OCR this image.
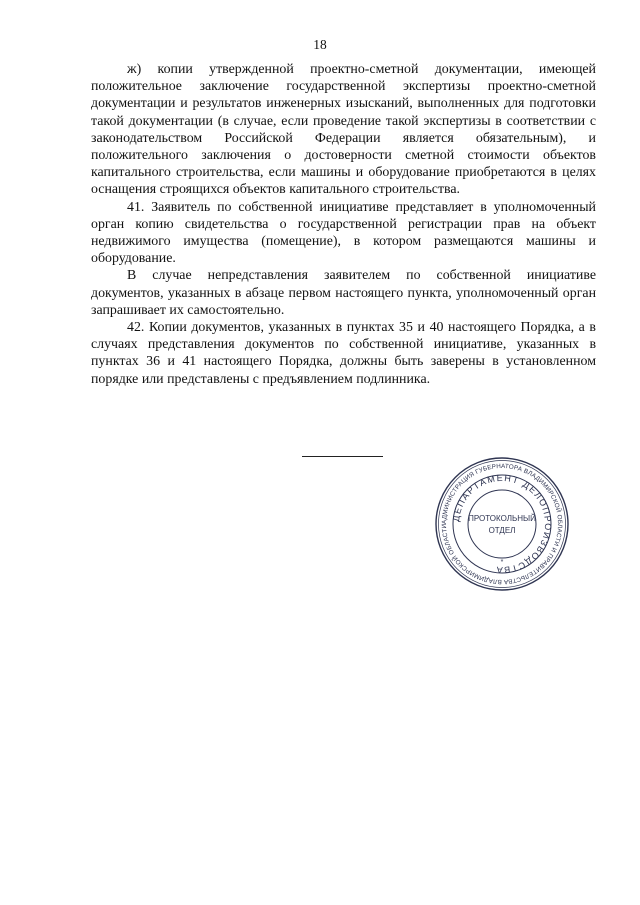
18

ж) копии утвержденной проектно-сметной документации, имеющей положительное заключение государственной экспертизы проектно-сметной документации и результатов инженерных изысканий, выполненных для подготовки такой документации (в случае, если проведение такой экспертизы в соответствии с законодательством Российской Федерации является обязательным), и положительного заключения о достоверности сметной стоимости объектов капитального строительства, если машины и оборудование приобретаются в целях оснащения строящихся объектов капитального строительства.

41. Заявитель по собственной инициативе представляет в уполномоченный орган копию свидетельства о государственной регистрации прав на объект недвижимого имущества (помещение), в котором размещаются машины и оборудование.

В случае непредставления заявителем по собственной инициативе документов, указанных в абзаце первом настоящего пункта, уполномоченный орган запрашивает их самостоятельно.

42. Копии документов, указанных в пунктах 35 и 40 настоящего Порядка, а в случаях представления документов по собственной инициативе, указанных в пунктах 36 и 41 настоящего Порядка, должны быть заверены в установленном порядке или представлены с предъявлением подлинника.

АДМИНИСТРАЦИЯ ГУБЕРНАТОРА ВЛАДИМИРСКОЙ ОБЛАСТИ И ПРАВИТЕЛЬСТВА ВЛАДИМИРСКОЙ ОБЛАСТИ
ДЕПАРТАМЕНТ ДЕЛОПРОИЗВОДСТВА
ПРОТОКОЛЬНЫЙ
ОТДЕЛ
*
